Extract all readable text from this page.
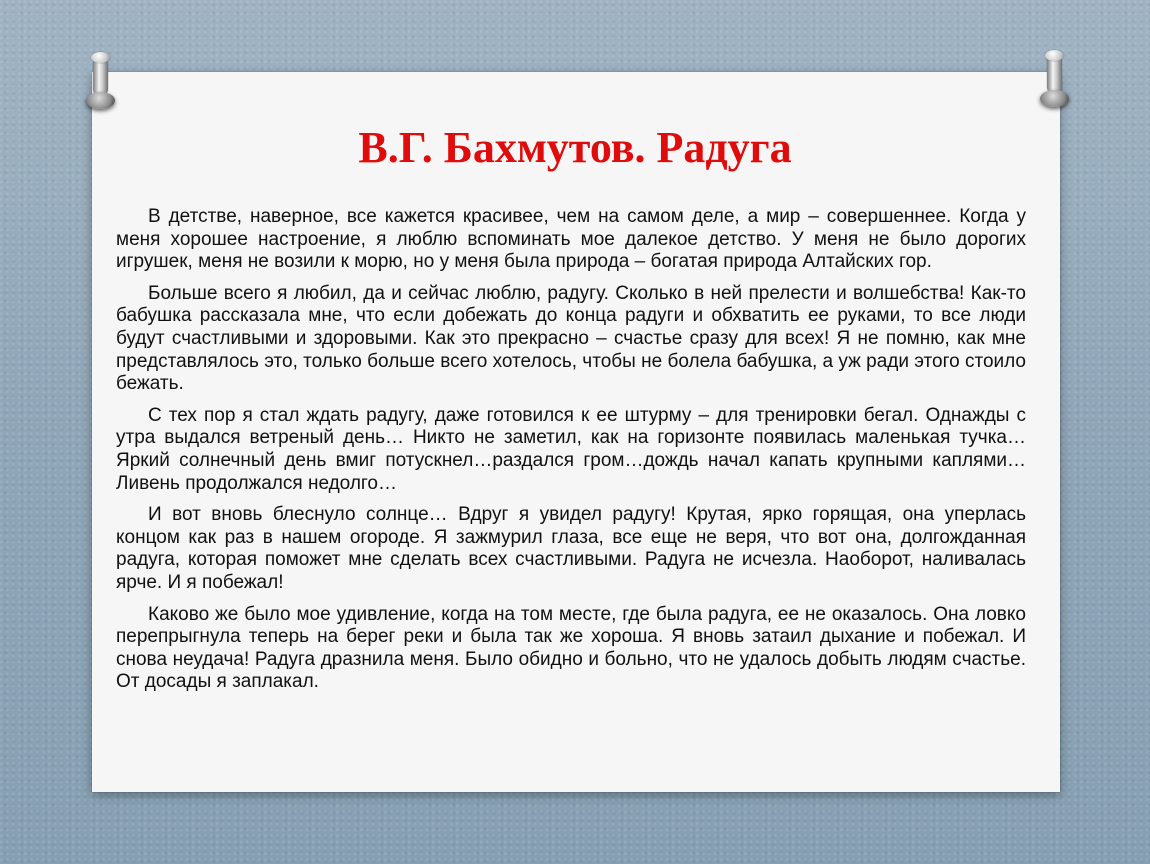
В.Г. Бахмутов. Радуга

В детстве, наверное, все кажется красивее, чем на самом деле, а мир – совершеннее. Когда у меня хорошее настроение, я люблю вспоминать мое далекое детство. У меня не было дорогих игрушек, меня не возили к морю, но у меня была природа – богатая природа Алтайских гор.

Больше всего я любил, да и сейчас люблю, радугу. Сколько в ней прелести и волшебства! Как-то бабушка рассказала мне, что если добежать до конца радуги и обхватить ее руками, то все люди будут счастливыми и здоровыми. Как это прекрасно – счастье сразу для всех! Я не помню, как мне представлялось это, только больше всего хотелось, чтобы не болела бабушка, а уж ради этого стоило бежать.

С тех пор я стал ждать радугу, даже готовился к ее штурму – для тренировки бегал. Однажды с утра выдался ветреный день… Никто не заметил, как на горизонте появилась маленькая тучка… Яркий солнечный день вмиг потускнел…раздался гром…дождь начал капать крупными каплями… Ливень продолжался недолго…

И вот вновь блеснуло солнце… Вдруг я увидел радугу! Крутая, ярко горящая, она уперлась концом как раз в нашем огороде. Я зажмурил глаза, все еще не веря, что вот она, долгожданная радуга, которая поможет мне сделать всех счастливыми. Радуга не исчезла. Наоборот, наливалась ярче. И я побежал!

Каково же было мое удивление, когда на том месте, где была радуга, ее не оказалось. Она ловко перепрыгнула теперь на берег реки и была так же хороша. Я вновь затаил дыхание и побежал. И снова неудача! Радуга дразнила меня. Было обидно и больно, что не удалось добыть людям счастье. От досады я заплакал.
